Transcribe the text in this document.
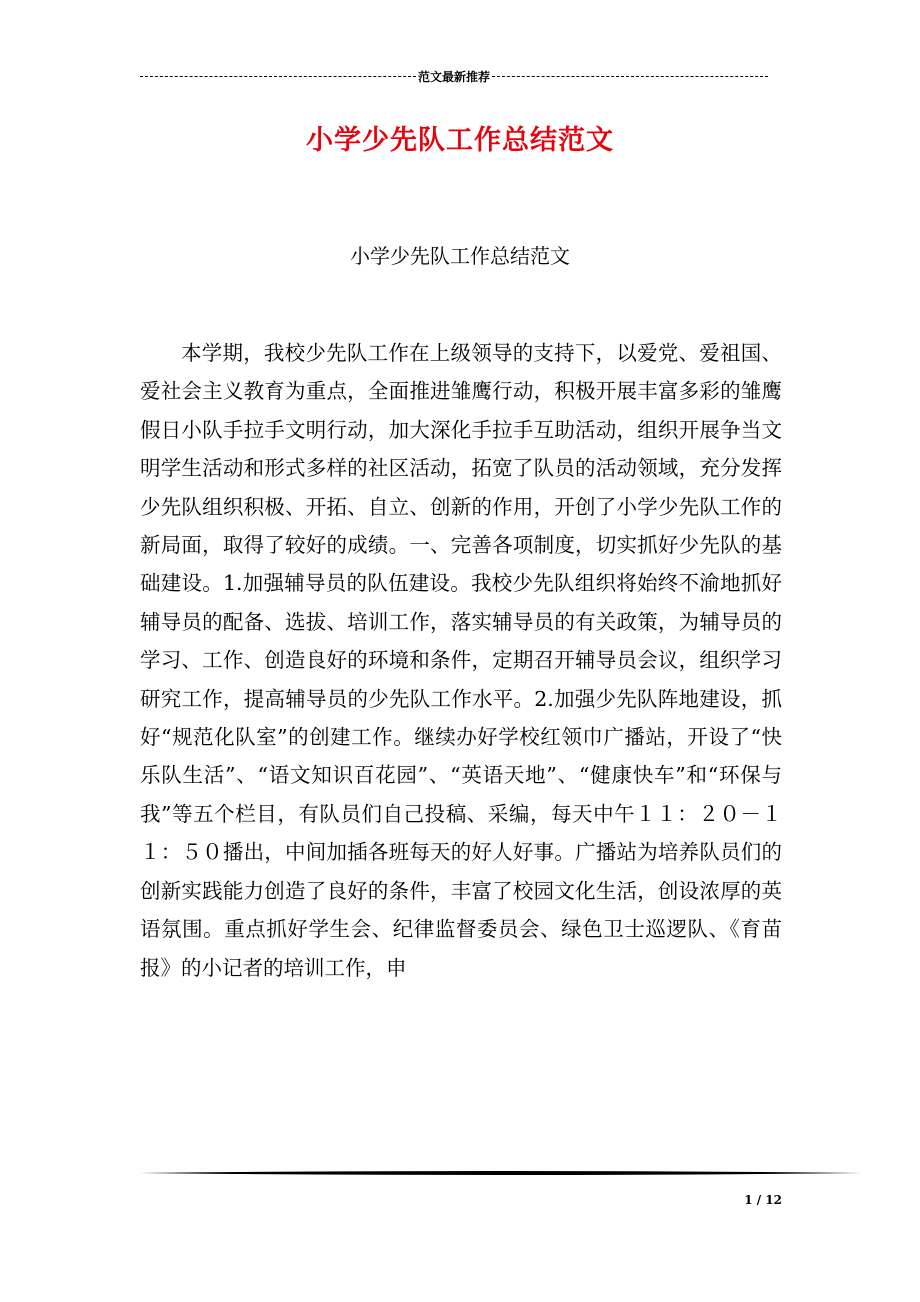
范文最新推荐
小学少先队工作总结范文
小学少先队工作总结范文

本学期，我校少先队工作在上级领导的支持下，以爱党、爱祖国、爱社会主义教育为重点，全面推进雏鹰行动，积极开展丰富多彩的雏鹰假日小队手拉手文明行动，加大深化手拉手互助活动，组织开展争当文明学生活动和形式多样的社区活动，拓宽了队员的活动领域，充分发挥少先队组织积极、开拓、自立、创新的作用，开创了小学少先队工作的新局面，取得了较好的成绩。一、完善各项制度，切实抓好少先队的基础建设。1.加强辅导员的队伍建设。我校少先队组织将始终不渝地抓好辅导员的配备、选拔、培训工作，落实辅导员的有关政策，为辅导员的学习、工作、创造良好的环境和条件，定期召开辅导员会议，组织学习研究工作，提高辅导员的少先队工作水平。2.加强少先队阵地建设，抓好“规范化队室”的创建工作。继续办好学校红领巾广播站，开设了“快乐队生活”、“语文知识百花园”、“英语天地”、“健康快车”和“环保与我”等五个栏目，有队员们自己投稿、采编，每天中午１１：２０－１１：５０播出，中间加插各班每天的好人好事。广播站为培养队员们的创新实践能力创造了良好的条件，丰富了校园文化生活，创设浓厚的英语氛围。重点抓好学生会、纪律监督委员会、绿色卫士巡逻队、《育苗报》的小记者的培训工作，申

1 / 12
